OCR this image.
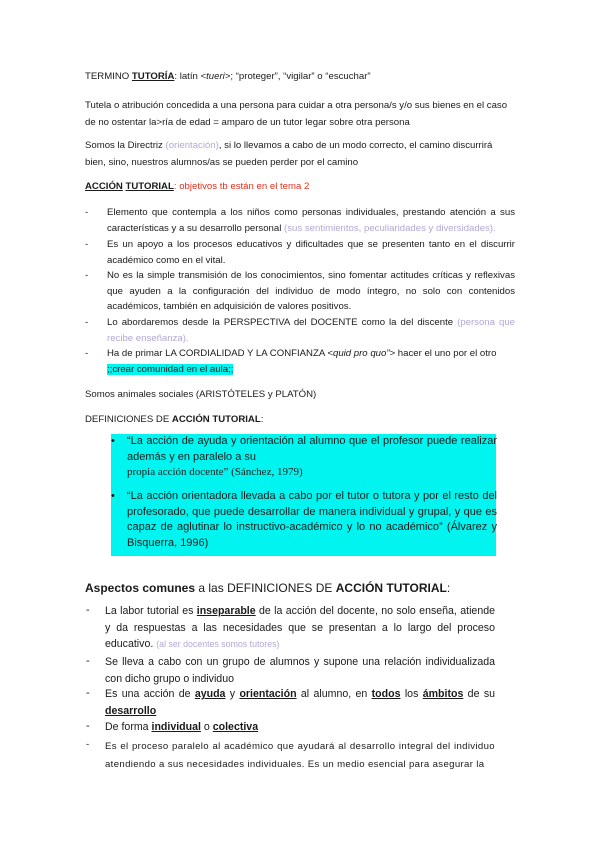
TERMINO TUTORÍA: latín <tueri>; “proteger”, “vigilar” o “escuchar”
Tutela o atribución concedida a una persona para cuidar a otra persona/s y/o sus bienes en el caso de no ostentar la>ría de edad = amparo de un tutor legar sobre otra persona
Somos la Directriz (orientación), si lo llevamos a cabo de un modo correcto, el camino discurrirá bien, sino, nuestros alumnos/as se pueden perder por el camino
ACCIÓN TUTORIAL: objetivos tb están en el tema 2
- Elemento que contempla a los niños como personas individuales, prestando atención a sus características y a su desarrollo personal (sus sentimientos, peculiaridades y diversidades).
- Es un apoyo a los procesos educativos y dificultades que se presenten tanto en el discurrir académico como en el vital.
- No es la simple transmisión de los conocimientos, sino fomentar actitudes críticas y reflexivas que ayuden a la configuración del individuo de modo íntegro, no solo con contenidos académicos, también en adquisición de valores positivos.
- Lo abordaremos desde la PERSPECTIVA del DOCENTE como la del discente (persona que recibe enseñanza).
- Ha de primar LA CORDIALIDAD Y LA CONFIANZA <quid pro quo”> hacer el uno por el otro
;;crear comunidad en el aula;;
Somos animales sociales (ARISTÓTELES y PLATÓN)
DEFINICIONES DE ACCIÓN TUTORIAL:
• “La acción de ayuda y orientación al alumno que el profesor puede realizar además y en paralelo a su
propia acción docente” (Sánchez, 1979)
• “La acción orientadora llevada a cabo por el tutor o tutora y por el resto del profesorado, que puede desarrollar de manera individual y grupal, y que es capaz de aglutinar lo instructivo-académico y lo no académico” (Álvarez y Bisquerra, 1996)
Aspectos comunes a las DEFINICIONES DE ACCIÓN TUTORIAL:
- La labor tutorial es inseparable de la acción del docente, no solo enseña, atiende y da respuestas a las necesidades que se presentan a lo largo del proceso educativo. (al ser docentes somos tutores)
- Se lleva a cabo con un grupo de alumnos y supone una relación individualizada con dicho grupo o individuo
- Es una acción de ayuda y orientación al alumno, en todos los ámbitos de su desarrollo
- De forma individual o colectiva
- Es el proceso paralelo al académico que ayudará al desarrollo integral del individuo atendiendo a sus necesidades individuales. Es un medio esencial para asegurar la
